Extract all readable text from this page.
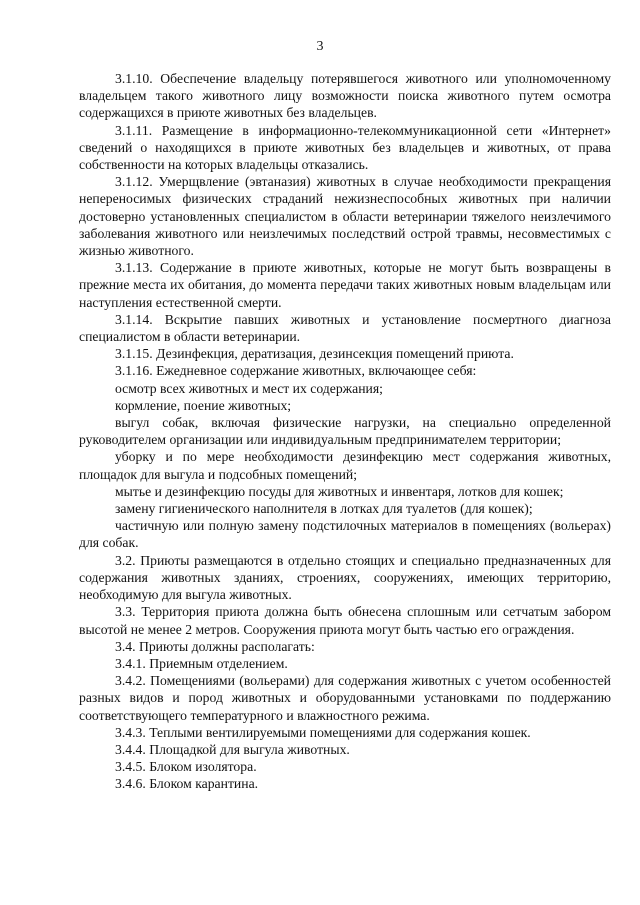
3

3.1.10. Обеспечение владельцу потерявшегося животного или уполномоченному владельцем такого животного лицу возможности поиска животного путем осмотра содержащихся в приюте животных без владельцев.

3.1.11. Размещение в информационно-телекоммуникационной сети «Интернет» сведений о находящихся в приюте животных без владельцев и животных, от права собственности на которых владельцы отказались.

3.1.12. Умерщвление (эвтаназия) животных в случае необходимости прекращения непереносимых физических страданий нежизнеспособных животных при наличии достоверно установленных специалистом в области ветеринарии тяжелого неизлечимого заболевания животного или неизлечимых последствий острой травмы, несовместимых с жизнью животного.

3.1.13. Содержание в приюте животных, которые не могут быть возвращены в прежние места их обитания, до момента передачи таких животных новым владельцам или наступления естественной смерти.

3.1.14. Вскрытие павших животных и установление посмертного диагноза специалистом в области ветеринарии.

3.1.15. Дезинфекция, дератизация, дезинсекция помещений приюта.

3.1.16. Ежедневное содержание животных, включающее себя:

осмотр всех животных и мест их содержания;

кормление, поение животных;

выгул собак, включая физические нагрузки, на специально определенной руководителем организации или индивидуальным предпринимателем территории;

уборку и по мере необходимости дезинфекцию мест содержания животных, площадок для выгула и подсобных помещений;

мытье и дезинфекцию посуды для животных и инвентаря, лотков для кошек;

замену гигиенического наполнителя в лотках для туалетов (для кошек);

частичную или полную замену подстилочных материалов в помещениях (вольерах) для собак.

3.2. Приюты размещаются в отдельно стоящих и специально предназначенных для содержания животных зданиях, строениях, сооружениях, имеющих территорию, необходимую для выгула животных.

3.3. Территория приюта должна быть обнесена сплошным или сетчатым забором высотой не менее 2 метров. Сооружения приюта могут быть частью его ограждения.

3.4. Приюты должны располагать:

3.4.1. Приемным отделением.

3.4.2. Помещениями (вольерами) для содержания животных с учетом особенностей разных видов и пород животных и оборудованными установками по поддержанию соответствующего температурного и влажностного режима.

3.4.3. Теплыми вентилируемыми помещениями для содержания кошек.

3.4.4. Площадкой для выгула животных.

3.4.5. Блоком изолятора.

3.4.6. Блоком карантина.
